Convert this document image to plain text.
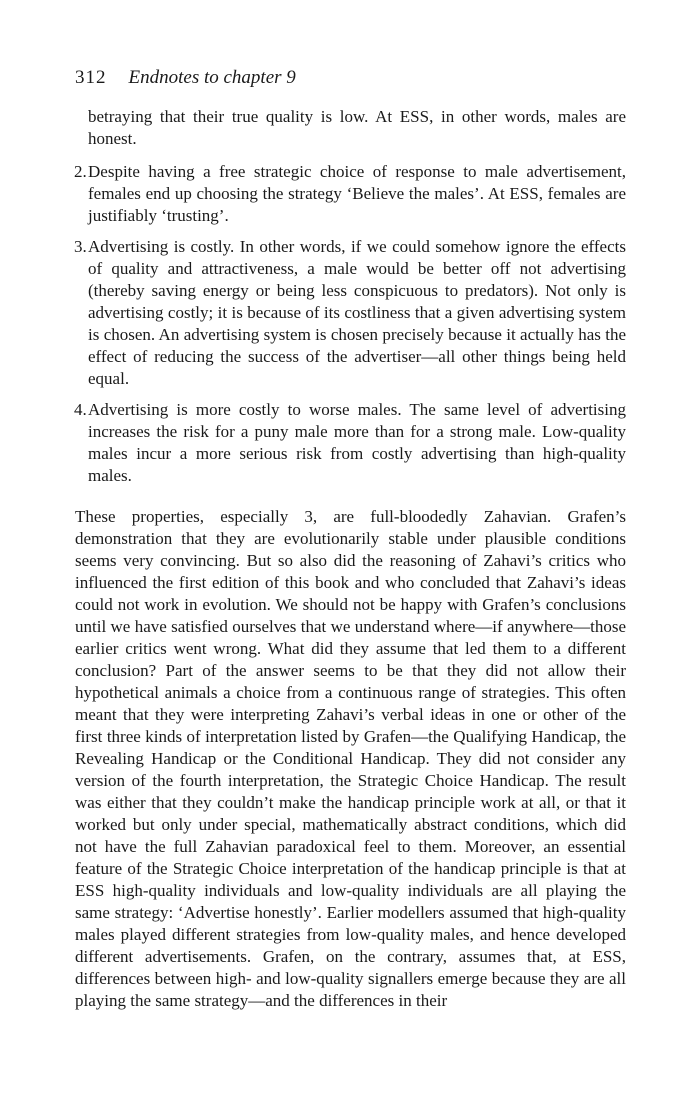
312 Endnotes to chapter 9

betraying that their true quality is low. At ESS, in other words, males are honest.

2. Despite having a free strategic choice of response to male advertisement, females end up choosing the strategy ‘Believe the males’. At ESS, females are justifiably ‘trusting’.
3. Advertising is costly. In other words, if we could somehow ignore the effects of quality and attractiveness, a male would be better off not advertising (thereby saving energy or being less conspicuous to predators). Not only is advertising costly; it is because of its costliness that a given advertising system is chosen. An advertising system is chosen precisely because it actually has the effect of reducing the success of the advertiser—all other things being held equal.
4. Advertising is more costly to worse males. The same level of advertising increases the risk for a puny male more than for a strong male. Low-quality males incur a more serious risk from costly advertising than high-quality males.

These properties, especially 3, are full-bloodedly Zahavian. Grafen’s demonstration that they are evolutionarily stable under plausible conditions seems very convincing. But so also did the reasoning of Zahavi’s critics who influenced the first edition of this book and who concluded that Zahavi’s ideas could not work in evolution. We should not be happy with Grafen’s conclusions until we have satisfied ourselves that we understand where—if anywhere—those earlier critics went wrong. What did they assume that led them to a different conclusion? Part of the answer seems to be that they did not allow their hypothetical animals a choice from a continuous range of strategies. This often meant that they were interpreting Zahavi’s verbal ideas in one or other of the first three kinds of interpretation listed by Grafen—the Qualifying Handicap, the Revealing Handicap or the Conditional Handicap. They did not consider any version of the fourth interpretation, the Strategic Choice Handicap. The result was either that they couldn’t make the handicap principle work at all, or that it worked but only under special, mathematically abstract conditions, which did not have the full Zahavian paradoxical feel to them. Moreover, an essential feature of the Strategic Choice interpretation of the handicap principle is that at ESS high-quality individuals and low-quality individuals are all playing the same strategy: ‘Advertise honestly’. Earlier modellers assumed that high-quality males played different strategies from low-quality males, and hence developed different advertisements. Grafen, on the contrary, assumes that, at ESS, differences between high- and low-quality signallers emerge because they are all playing the same strategy—and the differences in their
